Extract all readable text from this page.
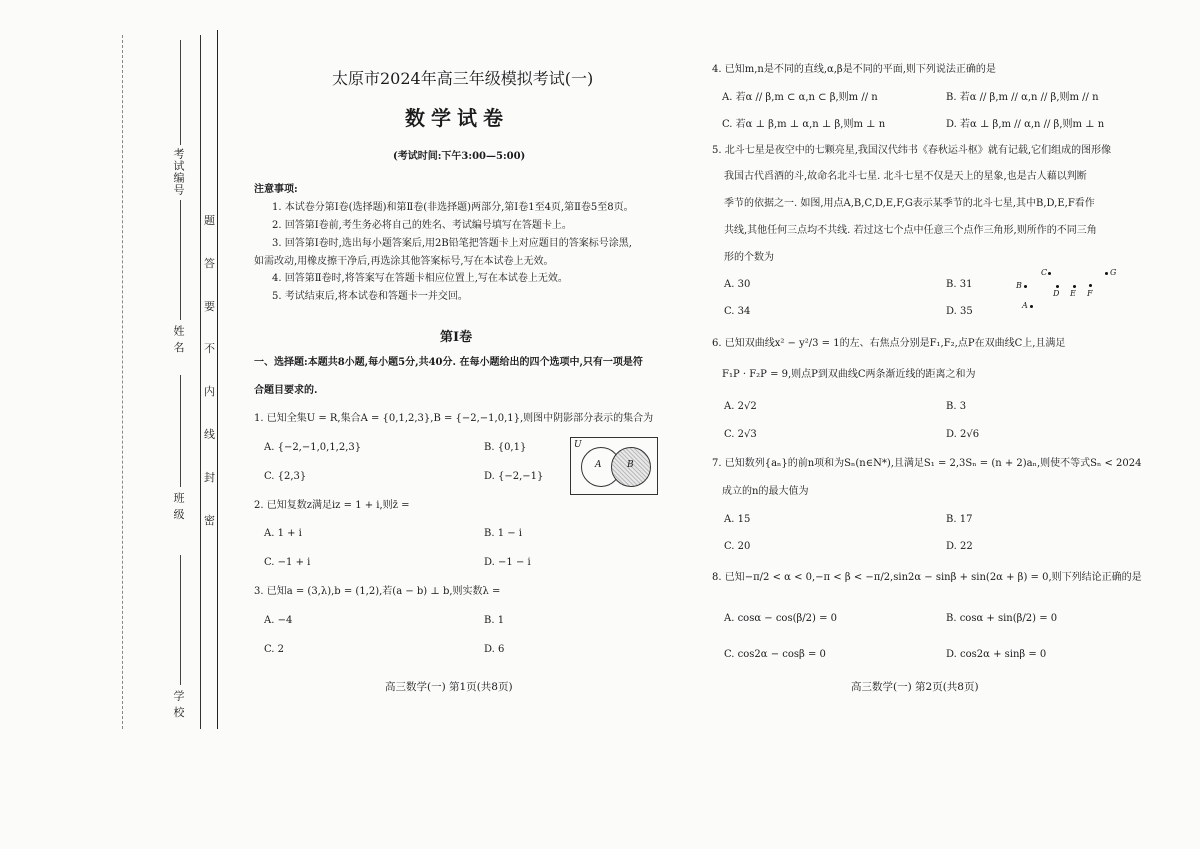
考试编号
姓 名
班 级
学 校
题
答
要
不
内
线
封
密
太原市2024年高三年级模拟考试(一)
数学试卷
(考试时间:下午3:00—5:00)
注意事项:
1. 本试卷分第Ⅰ卷(选择题)和第Ⅱ卷(非选择题)两部分,第Ⅰ卷1至4页,第Ⅱ卷5至8页。
2. 回答第Ⅰ卷前,考生务必将自己的姓名、考试编号填写在答题卡上。
3. 回答第Ⅰ卷时,选出每小题答案后,用2B铅笔把答题卡上对应题目的答案标号涂黑,
如需改动,用橡皮擦干净后,再选涂其他答案标号,写在本试卷上无效。
4. 回答第Ⅱ卷时,将答案写在答题卡相应位置上,写在本试卷上无效。
5. 考试结束后,将本试卷和答题卡一并交回。
第Ⅰ卷
一、选择题:本题共8小题,每小题5分,共40分. 在每小题给出的四个选项中,只有一项是符
合题目要求的.
1. 已知全集U = R,集合A = {0,1,2,3},B = {−2,−1,0,1},则图中阴影部分表示的集合为
A. {−2,−1,0,1,2,3}	B. {0,1}
C. {2,3}	D. {−2,−1}
U
A	B
2. 已知复数z满足iz = 1 + i,则z̄ =
A. 1 + i	B. 1 − i
C. −1 + i	D. −1 − i
3. 已知a = (3,λ),b = (1,2),若(a − b) ⊥ b,则实数λ =
A. −4	B. 1
C. 2	D. 6
高三数学(一) 第1页(共8页)
4. 已知m,n是不同的直线,α,β是不同的平面,则下列说法正确的是
A. 若α // β,m ⊂ α,n ⊂ β,则m // n	B. 若α // β,m // α,n // β,则m // n
C. 若α ⊥ β,m ⊥ α,n ⊥ β,则m ⊥ n	D. 若α ⊥ β,m // α,n // β,则m ⊥ n
5. 北斗七星是夜空中的七颗亮星,我国汉代纬书《春秋运斗枢》就有记载,它们组成的图形像
我国古代舀酒的斗,故命名北斗七星. 北斗七星不仅是天上的星象,也是古人藉以判断
季节的依据之一. 如图,用点A,B,C,D,E,F,G表示某季节的北斗七星,其中B,D,E,F看作
共线,其他任何三点均不共线. 若过这七个点中任意三个点作三角形,则所作的不同三角
形的个数为
A. 30	B. 31
C. 34	D. 35
A
B
C
D E F
G
6. 已知双曲线x² − y²/3 = 1的左、右焦点分别是F₁,F₂,点P在双曲线C上,且满足
F₁P · F₂P = 9,则点P到双曲线C两条渐近线的距离之和为
A. 2√2	B. 3
C. 2√3	D. 2√6
7. 已知数列{aₙ}的前n项和为Sₙ(n∈N*),且满足S₁ = 2,3Sₙ = (n + 2)aₙ,则使不等式Sₙ < 2024
成立的n的最大值为
A. 15	B. 17
C. 20	D. 22
8. 已知−π/2 < α < 0,−π < β < −π/2,sin2α − sinβ + sin(2α + β) = 0,则下列结论正确的是
A. cosα − cos(β/2) = 0	B. cosα + sin(β/2) = 0
C. cos2α − cosβ = 0	D. cos2α + sinβ = 0
高三数学(一) 第2页(共8页)
